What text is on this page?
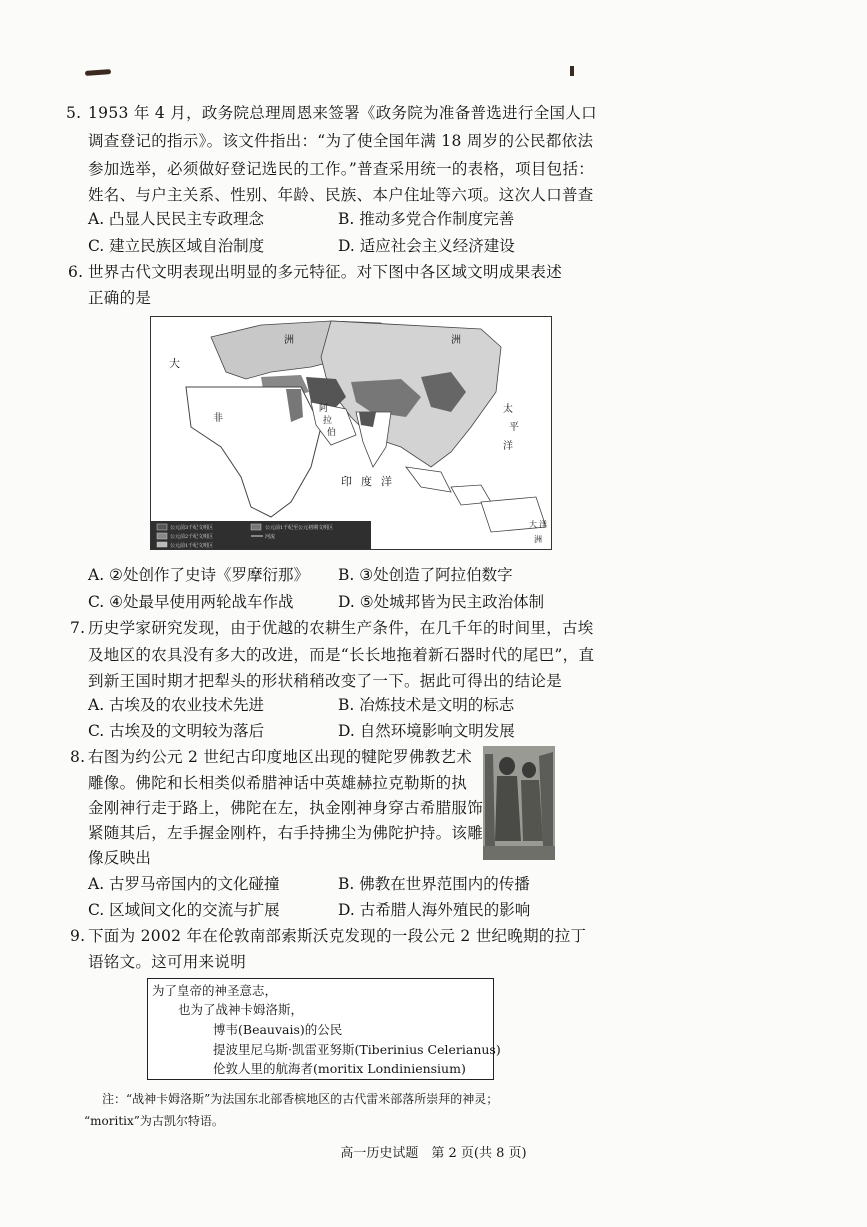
5. 1953 年 4 月，政务院总理周恩来签署《政务院为准备普选进行全国人口
调查登记的指示》。该文件指出：“为了使全国年满 18 周岁的公民都依法
参加选举，必须做好登记选民的工作。”普查采用统一的表格，项目包括：
姓名、与户主关系、性别、年龄、民族、本户住址等六项。这次人口普查
A. 凸显人民民主专政理念	B. 推动多党合作制度完善
C. 建立民族区域自治制度	D. 适应社会主义经济建设
6. 世界古代文明表现出明显的多元特征。对下图中各区域文明成果表述
正确的是
公元前3千纪文明区
公元前2千纪文明区
公元前1千纪文明区
公元前1千纪至公元初期文明区
河流
大
洲	洲
非
阿
拉
伯
印 度 洋
太
平
洋
大 洋
洲
A. ②处创作了史诗《罗摩衍那》 B. ③处创造了阿拉伯数字
C. ④处最早使用两轮战车作战	D. ⑤处城邦皆为民主政治体制
7. 历史学家研究发现，由于优越的农耕生产条件，在几千年的时间里，古埃
及地区的农具没有多大的改进，而是“长长地拖着新石器时代的尾巴”，直
到新王国时期才把犁头的形状稍稍改变了一下。据此可得出的结论是
A. 古埃及的农业技术先进	B. 冶炼技术是文明的标志
C. 古埃及的文明较为落后	D. 自然环境影响文明发展
8. 右图为约公元 2 世纪古印度地区出现的犍陀罗佛教艺术
雕像。佛陀和长相类似希腊神话中英雄赫拉克勒斯的执
金刚神行走于路上，佛陀在左，执金刚神身穿古希腊服饰
紧随其后，左手握金刚杵，右手持拂尘为佛陀护持。该雕
像反映出
A. 古罗马帝国内的文化碰撞	B. 佛教在世界范围内的传播
C. 区域间文化的交流与扩展	D. 古希腊人海外殖民的影响
9. 下面为 2002 年在伦敦南部索斯沃克发现的一段公元 2 世纪晚期的拉丁
语铭文。这可用来说明
为了皇帝的神圣意志，
也为了战神卡姆洛斯，
博韦(Beauvais)的公民
提波里尼乌斯·凯雷亚努斯(Tiberinius Celerianus)
伦敦人里的航海者(moritix Londiniensium)
注：“战神卡姆洛斯”为法国东北部香槟地区的古代雷米部落所崇拜的神灵；
“moritix”为古凯尔特语。
高一历史试题　第 2 页(共 8 页)
